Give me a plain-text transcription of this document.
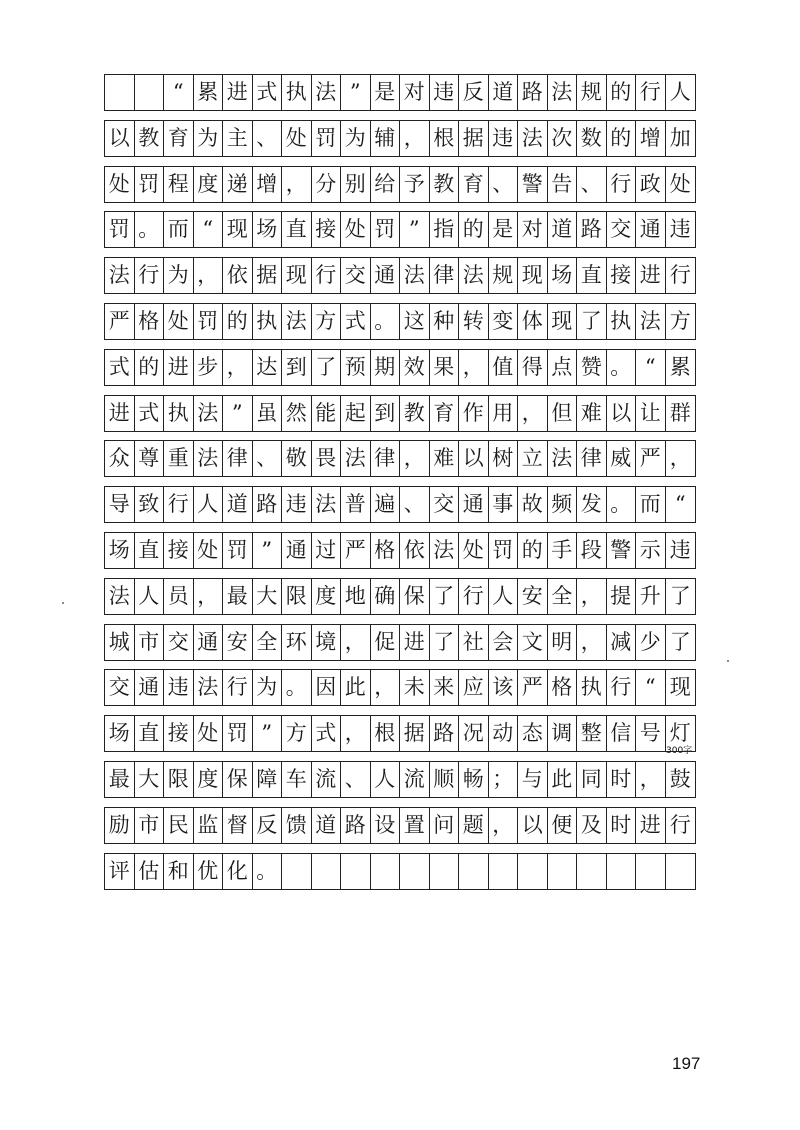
“ 累 进 式 执 法 ” 是 对 违 反 道 路 法 规 的 行 人
以 教 育 为 主 、 处 罚 为 辅 ， 根 据 违 法 次 数 的 增 加
处 罚 程 度 递 增 ， 分 别 给 予 教 育 、 警 告 、 行 政 处
罚 。 而 “ 现 场 直 接 处 罚 ” 指 的 是 对 道 路 交 通 违
法 行 为 ， 依 据 现 行 交 通 法 律 法 规 现 场 直 接 进 行
严 格 处 罚 的 执 法 方 式 。 这 种 转 变 体 现 了 执 法 方
式 的 进 步 ， 达 到 了 预 期 效 果 ， 值 得 点 赞 。 “ 累
进 式 执 法 ” 虽 然 能 起 到 教 育 作 用 ， 但 难 以 让 群
众 尊 重 法 律 、 敬 畏 法 律 ， 难 以 树 立 法 律 威 严 ，
导 致 行 人 道 路 违 法 普 遍 、 交 通 事 故 频 发 。 而 “
场 直 接 处 罚 ” 通 过 严 格 依 法 处 罚 的 手 段 警 示 违
法 人 员 ， 最 大 限 度 地 确 保 了 行 人 安 全 ， 提 升 了
城 市 交 通 安 全 环 境 ， 促 进 了 社 会 文 明 ， 减 少 了
交 通 违 法 行 为 。 因 此 ， 未 来 应 该 严 格 执 行 “ 现
场 直 接 处 罚 ” 方 式 ， 根 据 路 况 动 态 调 整 信 号 灯
最 大 限 度 保 障 车 流 、 人 流 顺 畅 ； 与 此 同 时 ， 鼓
励 市 民 监 督 反 馈 道 路 设 置 问 题 ， 以 便 及 时 进 行
评 估 和 优 化 。
300字
197
